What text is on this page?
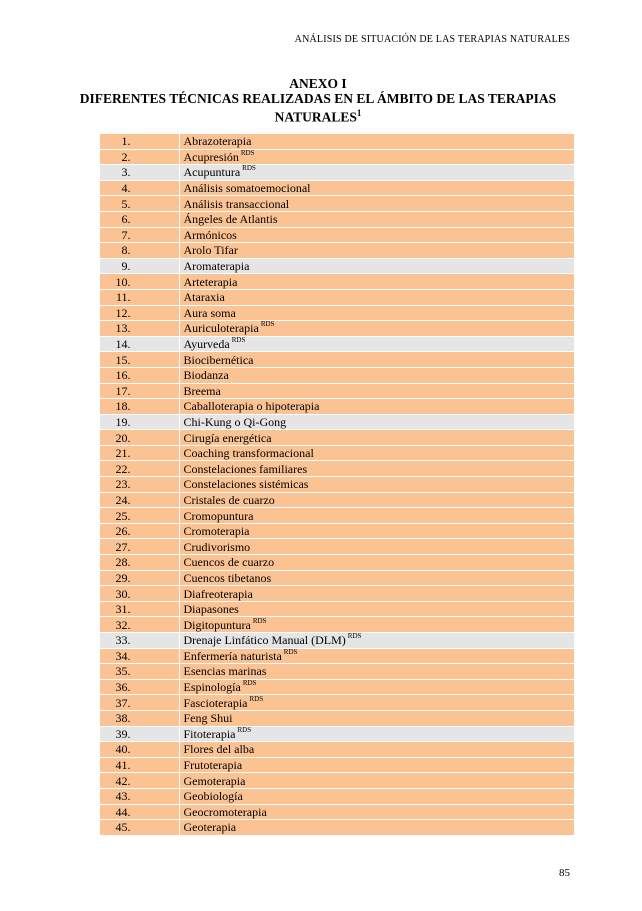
ANÁLISIS DE SITUACIÓN DE LAS TERAPIAS NATURALES
ANEXO I
DIFERENTES TÉCNICAS REALIZADAS EN EL ÁMBITO DE LAS TERAPIAS
NATURALES$^1$
1.	Abrazoterapia
2.	Acupresión $^{RDS}$
3.	Acupuntura $^{RDS}$
4.	Análisis somatoemocional
5.	Análisis transaccional
6.	Ángeles de Atlantis
7.	Armónicos
8.	Arolo Tifar
9.	Aromaterapia
10.	Arteterapia
11.	Ataraxia
12.	Aura soma
13.	Auriculoterapia $^{RDS}$
14.	Ayurveda $^{RDS}$
15.	Biocibernética
16.	Biodanza
17.	Breema
18.	Caballoterapia o hipoterapia
19.	Chi-Kung o Qi-Gong
20.	Cirugía energética
21.	Coaching transformacional
22.	Constelaciones familiares
23.	Constelaciones sistémicas
24.	Cristales de cuarzo
25.	Cromopuntura
26.	Cromoterapia
27.	Crudivorismo
28.	Cuencos de cuarzo
29.	Cuencos tibetanos
30.	Diafreoterapia
31.	Diapasones
32.	Digitopuntura $^{RDS}$
33.	Drenaje Linfático Manual (DLM) $^{RDS}$
34.	Enfermería naturista $^{RDS}$
35.	Esencias marinas
36.	Espinología $^{RDS}$
37.	Fascioterapia $^{RDS}$
38.	Feng Shui
39.	Fitoterapia $^{RDS}$
40.	Flores del alba
41.	Frutoterapia
42.	Gemoterapia
43.	Geobiología
44.	Geocromoterapia
45.	Geoterapia
85
